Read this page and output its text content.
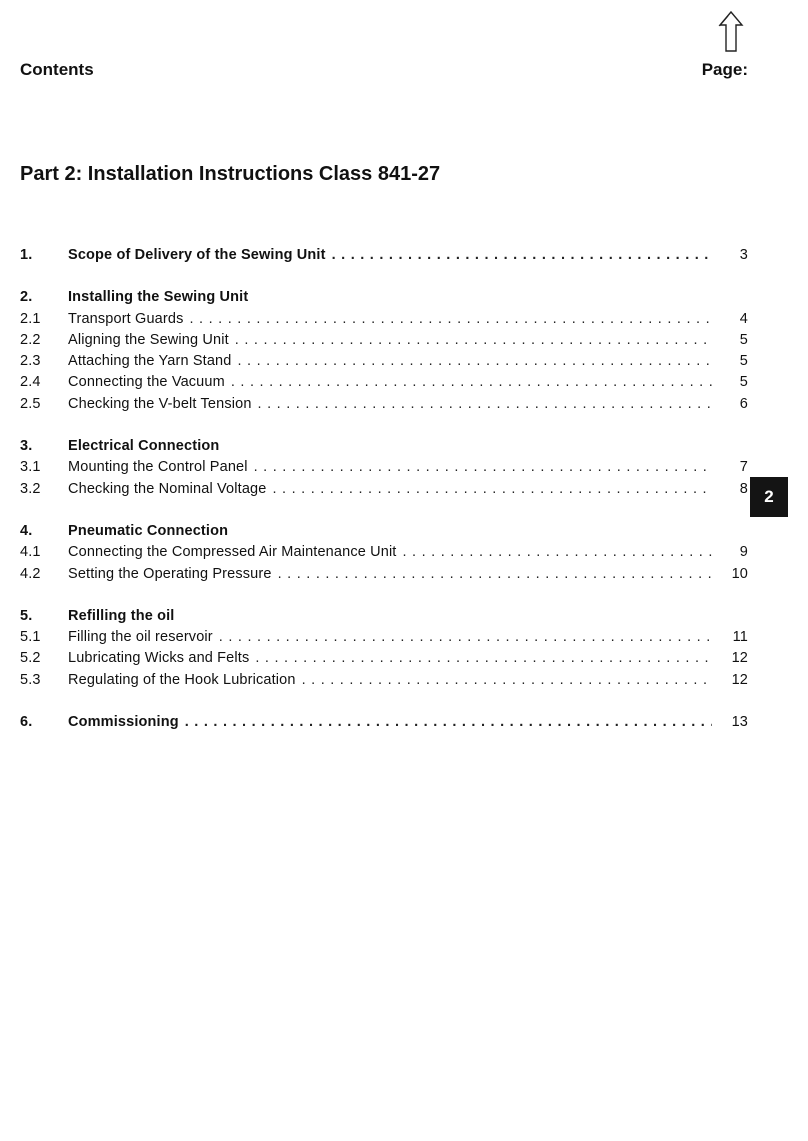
Contents	Page:
Part 2: Installation Instructions Class 841-27
1.	Scope of Delivery of the Sewing Unit . . .	3
2.	Installing the Sewing Unit
2.1	Transport Guards . . .	4
2.2	Aligning the Sewing Unit . . .	5
2.3	Attaching the Yarn Stand . . .	5
2.4	Connecting the Vacuum . . .	5
2.5	Checking the V-belt Tension . . .	6
3.	Electrical Connection
3.1	Mounting the Control Panel . . .	7
3.2	Checking the Nominal Voltage . . .	8
4.	Pneumatic Connection
4.1	Connecting the Compressed Air Maintenance Unit . . .	9
4.2	Setting the Operating Pressure . . .	10
5.	Refilling the oil
5.1	Filling the oil reservoir . . .	11
5.2	Lubricating Wicks and Felts . . .	12
5.3	Regulating of the Hook Lubrication . . .	12
6.	Commissioning . . .	13
2
